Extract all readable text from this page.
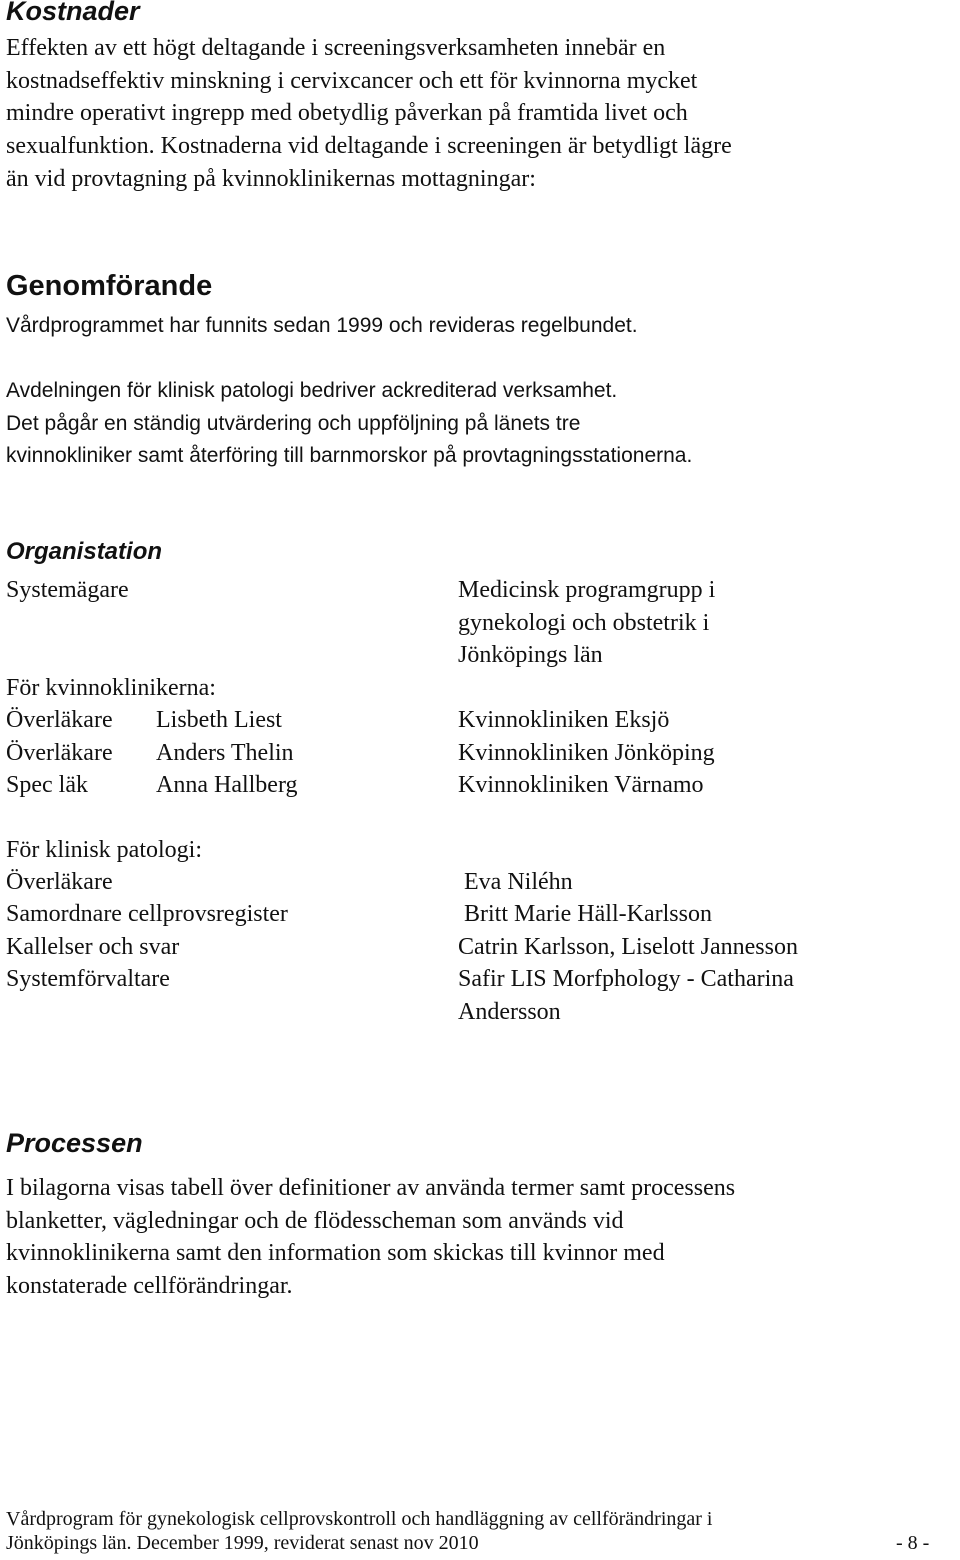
Kostnader
Effekten av ett högt deltagande i screeningsverksamheten innebär en
kostnadseffektiv minskning i cervixcancer och ett för kvinnorna mycket
mindre operativt ingrepp med obetydlig påverkan på framtida livet och
sexualfunktion. Kostnaderna vid deltagande i screeningen är betydligt lägre
än vid provtagning på kvinnoklinikernas mottagningar:
Genomförande
Vårdprogrammet har funnits sedan 1999 och revideras regelbundet.
Avdelningen för klinisk patologi bedriver ackrediterad verksamhet.
Det pågår en ständig utvärdering och uppföljning på länets tre
kvinnokliniker samt återföring till barnmorskor på provtagningsstationerna.
Organistation
Systemägare	Medicinsk programgrupp i
gynekologi och obstetrik i
Jönköpings län
För kvinnoklinikerna:
Överläkare Lisbeth Liest	Kvinnokliniken Eksjö
Överläkare Anders Thelin	Kvinnokliniken Jönköping
Spec läk	Anna Hallberg	Kvinnokliniken Värnamo
För klinisk patologi:
Överläkare	Eva Niléhn
Samordnare cellprovsregister	Britt Marie Häll-Karlsson
Kallelser och svar	Catrin Karlsson, Liselott Jannesson
Systemförvaltare	Safir LIS Morfphology - Catharina
Andersson
Processen
I bilagorna visas tabell över definitioner av använda termer samt processens
blanketter, vägledningar och de flödesscheman som används vid
kvinnoklinikerna samt den information som skickas till kvinnor med
konstaterade cellförändringar.
Vårdprogram för gynekologisk cellprovskontroll och handläggning av cellförändringar i
Jönköpings län. December 1999, reviderat senast nov 2010	- 8 -
